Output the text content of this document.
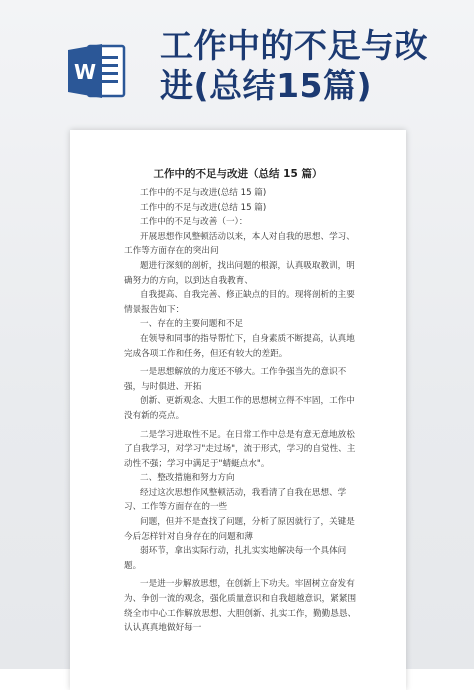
W
工作中的不足与改进(总结15篇)
工作中的不足与改进（总结 15 篇）

工作中的不足与改进(总结 15 篇)

工作中的不足与改进(总结 15 篇)

工作中的不足与改善（一）：

开展思想作风整顿活动以来，本人对自我的思想、学习、工作等方面存在的突出问

题进行深刻的剖析，找出问题的根源，认真吸取教训，明确努力的方向，以到达自我教育、

自我提高、自我完善、修正缺点的目的。现将剖析的主要情景报告如下：

一、存在的主要问题和不足

在领导和同事的指导帮忙下，自身素质不断提高，认真地完成各项工作和任务，但还有较大的差距。

一是思想解放的力度还不够大。工作争强当先的意识不强，与时俱进、开拓

创新、更新观念、大胆工作的思想树立得不牢固，工作中没有新的亮点。

二是学习进取性不足。在日常工作中总是有意无意地放松了自我学习，对学习"走过场"，流于形式，学习的自觉性、主动性不强；学习中满足于"蜻蜓点水"。

二、整改措施和努力方向

经过这次思想作风整顿活动，我看清了自我在思想、学习、工作等方面存在的一些

问题，但并不是查找了问题，分析了原因就行了，关键是今后怎样针对自身存在的问题和薄

弱环节，拿出实际行动，扎扎实实地解决每一个具体问题。

一是进一步解放思想，在创新上下功夫。牢固树立奋发有为、争创一流的观念，强化质量意识和自我超越意识，紧紧围绕全市中心工作解放思想、大胆创新、扎实工作，勤勤恳恳、认认真真地做好每一
